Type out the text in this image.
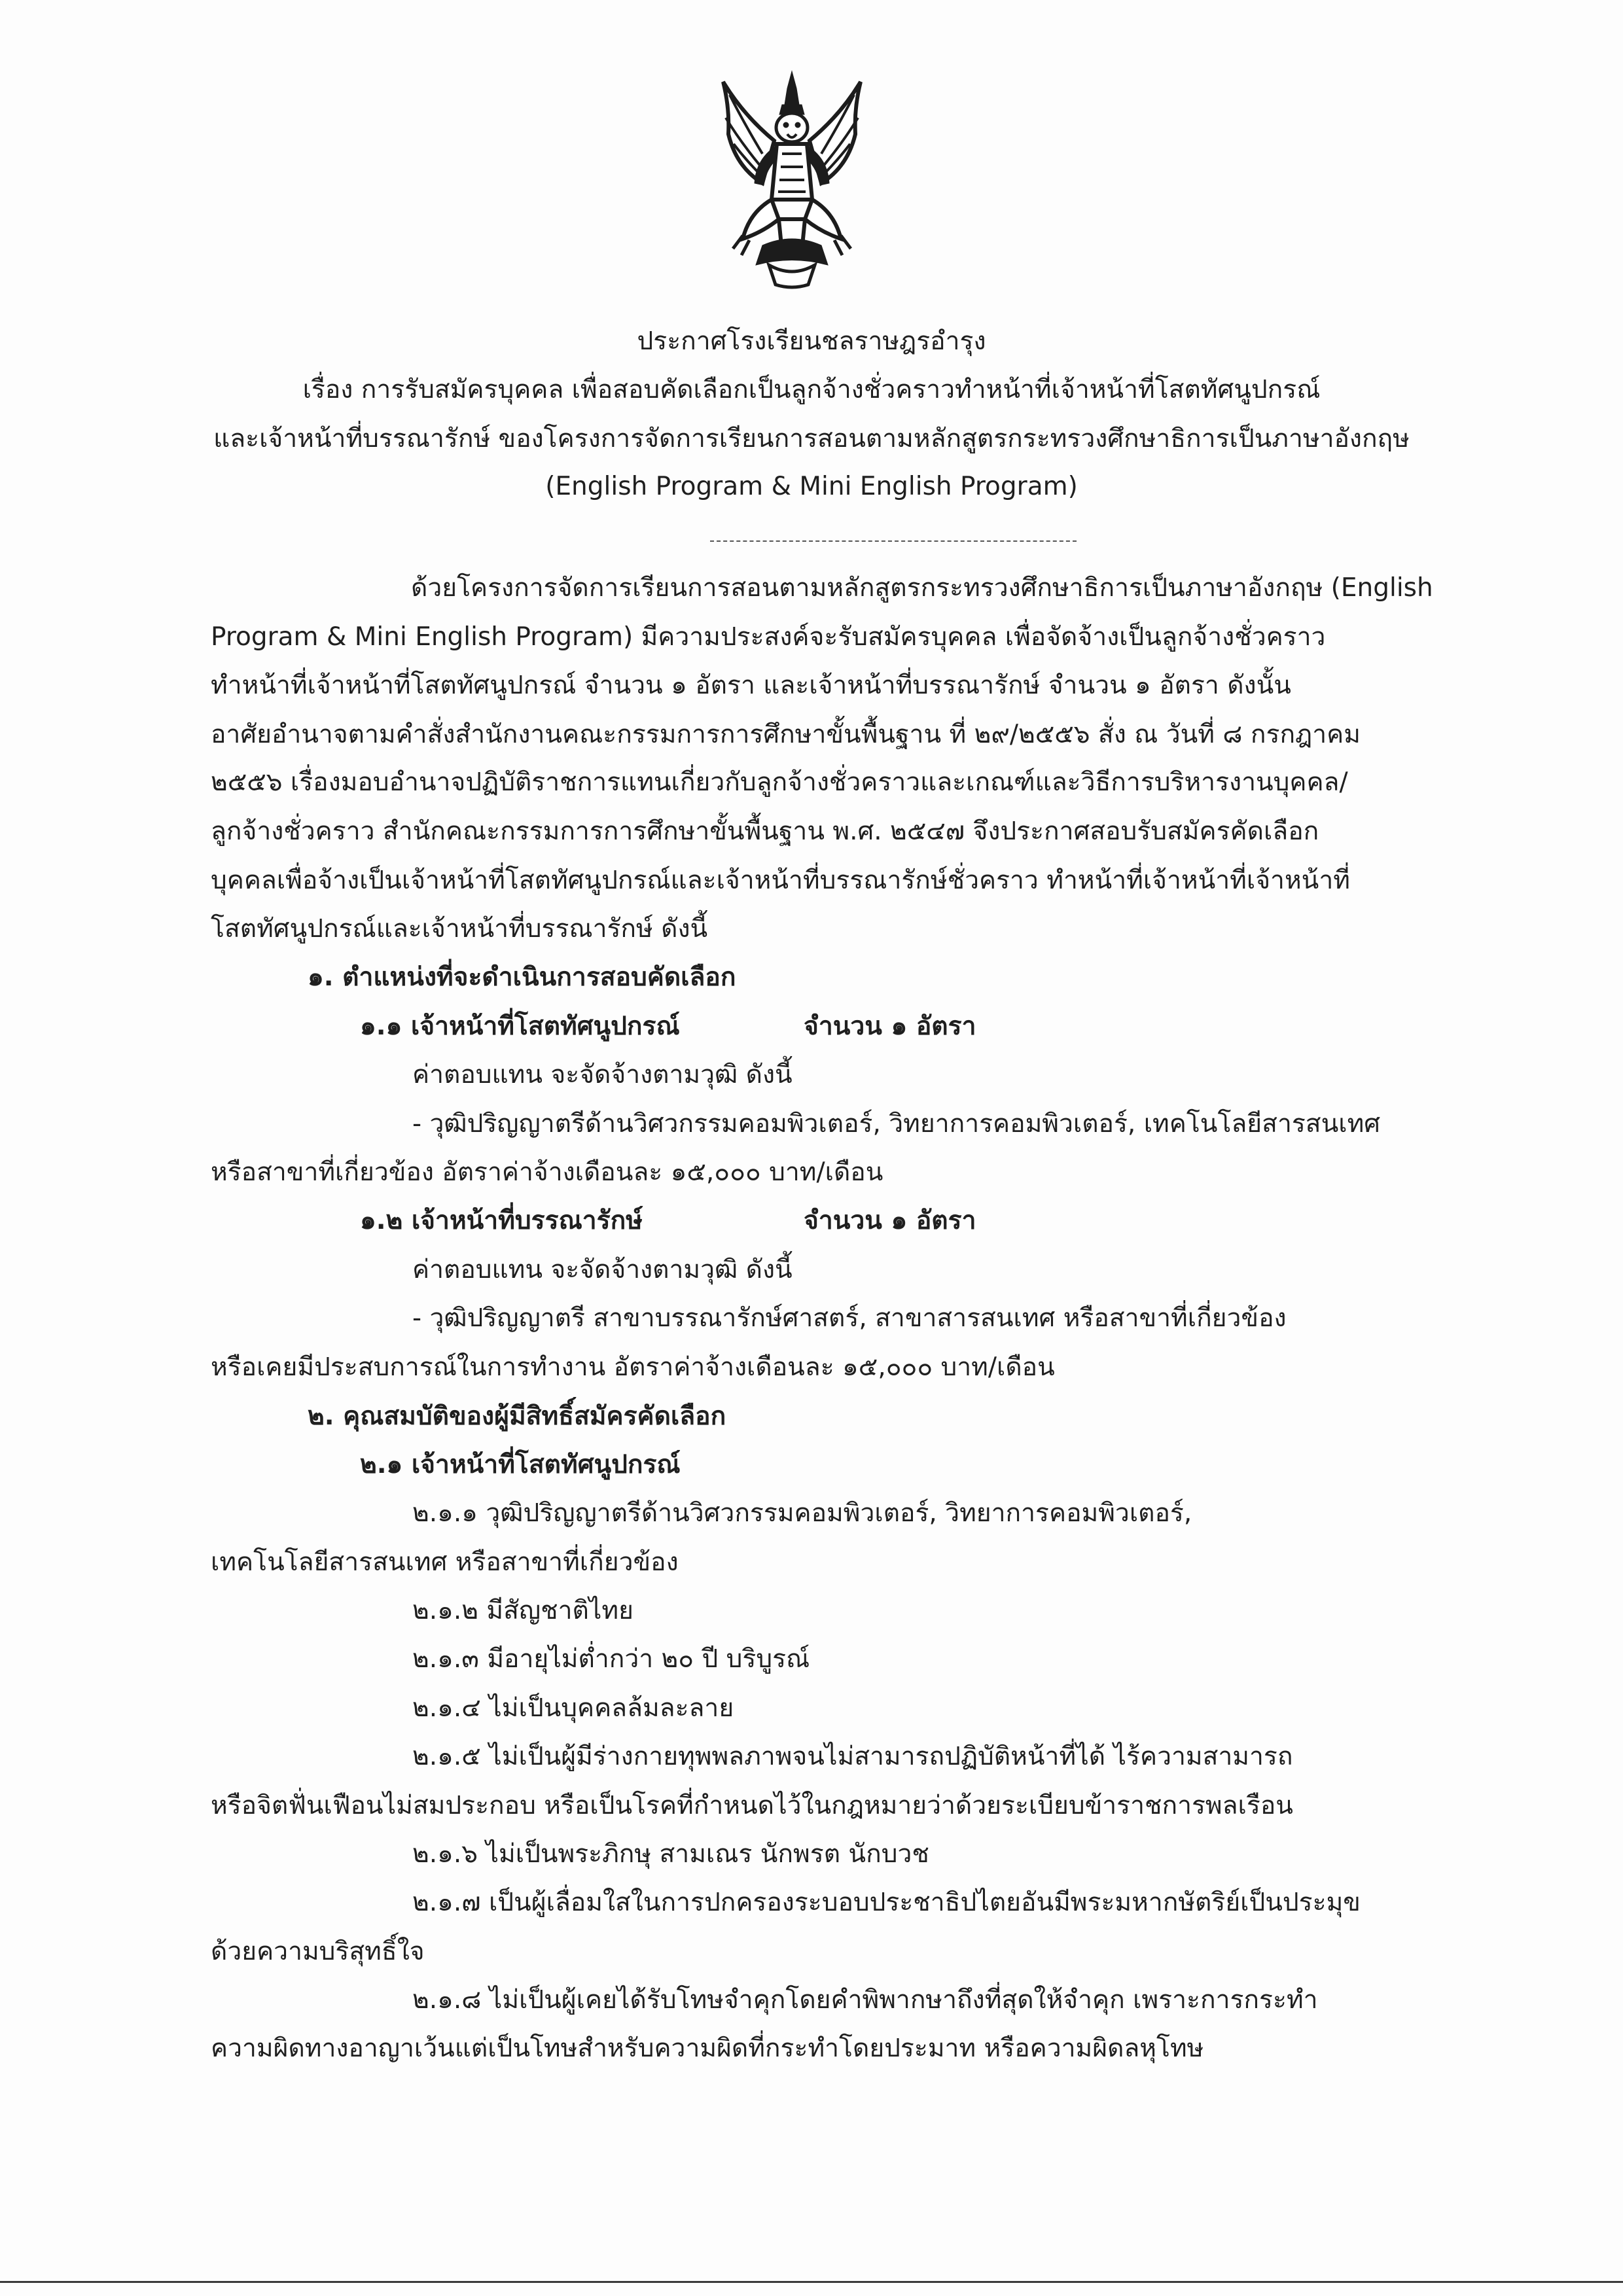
ประกาศโรงเรียนชลราษฎรอำรุง
เรื่อง การรับสมัครบุคคล เพื่อสอบคัดเลือกเป็นลูกจ้างชั่วคราวทำหน้าที่เจ้าหน้าที่โสตทัศนูปกรณ์
และเจ้าหน้าที่บรรณารักษ์ ของโครงการจัดการเรียนการสอนตามหลักสูตรกระทรวงศึกษาธิการเป็นภาษาอังกฤษ
(English Program & Mini English Program)
ด้วยโครงการจัดการเรียนการสอนตามหลักสูตรกระทรวงศึกษาธิการเป็นภาษาอังกฤษ (English
Program & Mini English Program) มีความประสงค์จะรับสมัครบุคคล เพื่อจัดจ้างเป็นลูกจ้างชั่วคราว
ทำหน้าที่เจ้าหน้าที่โสตทัศนูปกรณ์ จำนวน ๑ อัตรา และเจ้าหน้าที่บรรณารักษ์ จำนวน ๑ อัตรา ดังนั้น
อาศัยอำนาจตามคำสั่งสำนักงานคณะกรรมการการศึกษาขั้นพื้นฐาน ที่ ๒๙/๒๕๕๖ สั่ง ณ วันที่ ๘ กรกฎาคม
๒๕๕๖ เรื่องมอบอำนาจปฏิบัติราชการแทนเกี่ยวกับลูกจ้างชั่วคราวและเกณฑ์และวิธีการบริหารงานบุคคล/
ลูกจ้างชั่วคราว สำนักคณะกรรมการการศึกษาขั้นพื้นฐาน พ.ศ. ๒๕๔๗ จึงประกาศสอบรับสมัครคัดเลือก
บุคคลเพื่อจ้างเป็นเจ้าหน้าที่โสตทัศนูปกรณ์และเจ้าหน้าที่บรรณารักษ์ชั่วคราว ทำหน้าที่เจ้าหน้าที่เจ้าหน้าที่
โสตทัศนูปกรณ์และเจ้าหน้าที่บรรณารักษ์ ดังนี้
๑. ตำแหน่งที่จะดำเนินการสอบคัดเลือก
๑.๑ เจ้าหน้าที่โสตทัศนูปกรณ์	จำนวน ๑ อัตรา
ค่าตอบแทน จะจัดจ้างตามวุฒิ ดังนี้
- วุฒิปริญญาตรีด้านวิศวกรรมคอมพิวเตอร์, วิทยาการคอมพิวเตอร์, เทคโนโลยีสารสนเทศ
หรือสาขาที่เกี่ยวข้อง อัตราค่าจ้างเดือนละ ๑๕,๐๐๐ บาท/เดือน
๑.๒ เจ้าหน้าที่บรรณารักษ์	จำนวน ๑ อัตรา
ค่าตอบแทน จะจัดจ้างตามวุฒิ ดังนี้
- วุฒิปริญญาตรี สาขาบรรณารักษ์ศาสตร์, สาขาสารสนเทศ หรือสาขาที่เกี่ยวข้อง
หรือเคยมีประสบการณ์ในการทำงาน อัตราค่าจ้างเดือนละ ๑๕,๐๐๐ บาท/เดือน
๒. คุณสมบัติของผู้มีสิทธิ์สมัครคัดเลือก
๒.๑ เจ้าหน้าที่โสตทัศนูปกรณ์
๒.๑.๑ วุฒิปริญญาตรีด้านวิศวกรรมคอมพิวเตอร์, วิทยาการคอมพิวเตอร์,
เทคโนโลยีสารสนเทศ หรือสาขาที่เกี่ยวข้อง
๒.๑.๒ มีสัญชาติไทย
๒.๑.๓ มีอายุไม่ต่ำกว่า ๒๐ ปี บริบูรณ์
๒.๑.๔ ไม่เป็นบุคคลล้มละลาย
๒.๑.๕ ไม่เป็นผู้มีร่างกายทุพพลภาพจนไม่สามารถปฏิบัติหน้าที่ได้ ไร้ความสามารถ
หรือจิตฟั่นเฟือนไม่สมประกอบ หรือเป็นโรคที่กำหนดไว้ในกฎหมายว่าด้วยระเบียบข้าราชการพลเรือน
๒.๑.๖ ไม่เป็นพระภิกษุ สามเณร นักพรต นักบวช
๒.๑.๗ เป็นผู้เลื่อมใสในการปกครองระบอบประชาธิปไตยอันมีพระมหากษัตริย์เป็นประมุข
ด้วยความบริสุทธิ์ใจ
๒.๑.๘ ไม่เป็นผู้เคยได้รับโทษจำคุกโดยคำพิพากษาถึงที่สุดให้จำคุก เพราะการกระทำ
ความผิดทางอาญาเว้นแต่เป็นโทษสำหรับความผิดที่กระทำโดยประมาท หรือความผิดลหุโทษ
